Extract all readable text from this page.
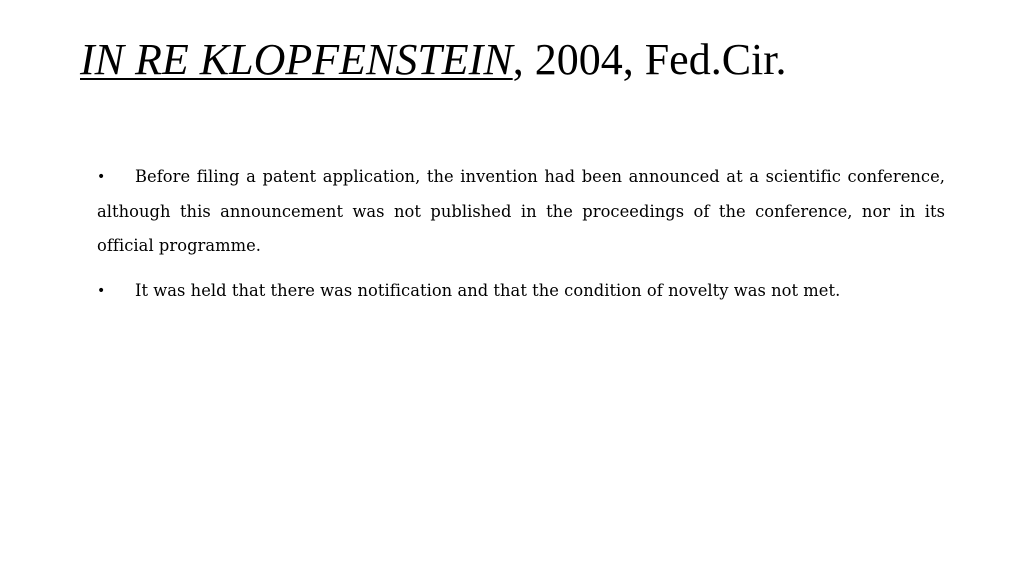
IN RE KLOPFENSTEIN, 2004, Fed.Cir.
• Before filing a patent application, the invention had been announced at a scientific conference, although this announcement was not published in the proceedings of the conference, nor in its official programme.
• It was held that there was notification and that the condition of novelty was not met.
